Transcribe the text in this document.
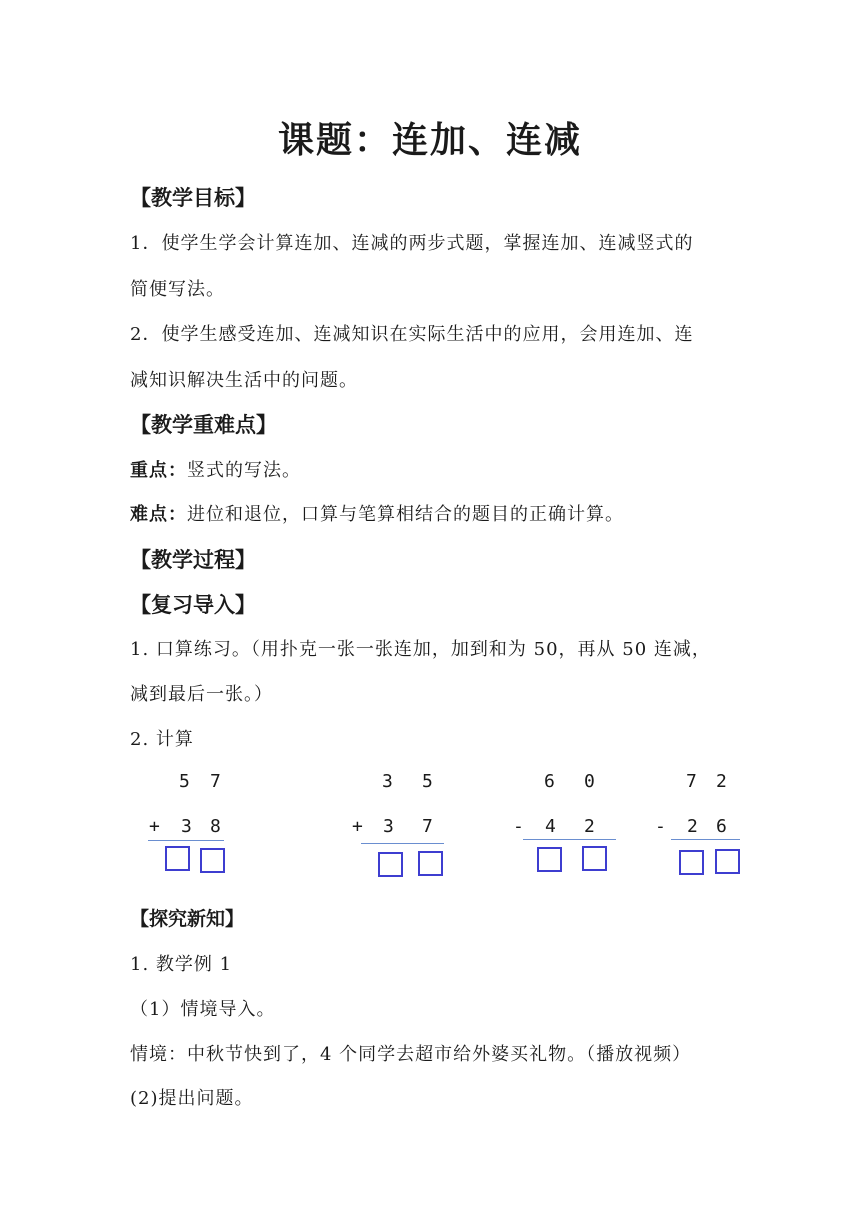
课题：连加、连减
【教学目标】
1．使学生学会计算连加、连减的两步式题，掌握连加、连减竖式的
简便写法。
2．使学生感受连加、连减知识在实际生活中的应用，会用连加、连
减知识解决生活中的问题。
【教学重难点】
重点：竖式的写法。
难点：进位和退位，口算与笔算相结合的题目的正确计算。
【教学过程】
【复习导入】
1. 口算练习。（用扑克一张一张连加，加到和为 50，再从 50 连减，
减到最后一张。）
2. 计算
5 7
+ 3 8
3 5
+ 3 7
6 0
- 4 2
7 2
- 2 6
【探究新知】
1. 教学例 1
（1）情境导入。
情境：中秋节快到了，4 个同学去超市给外婆买礼物。（播放视频）
(2)提出问题。
